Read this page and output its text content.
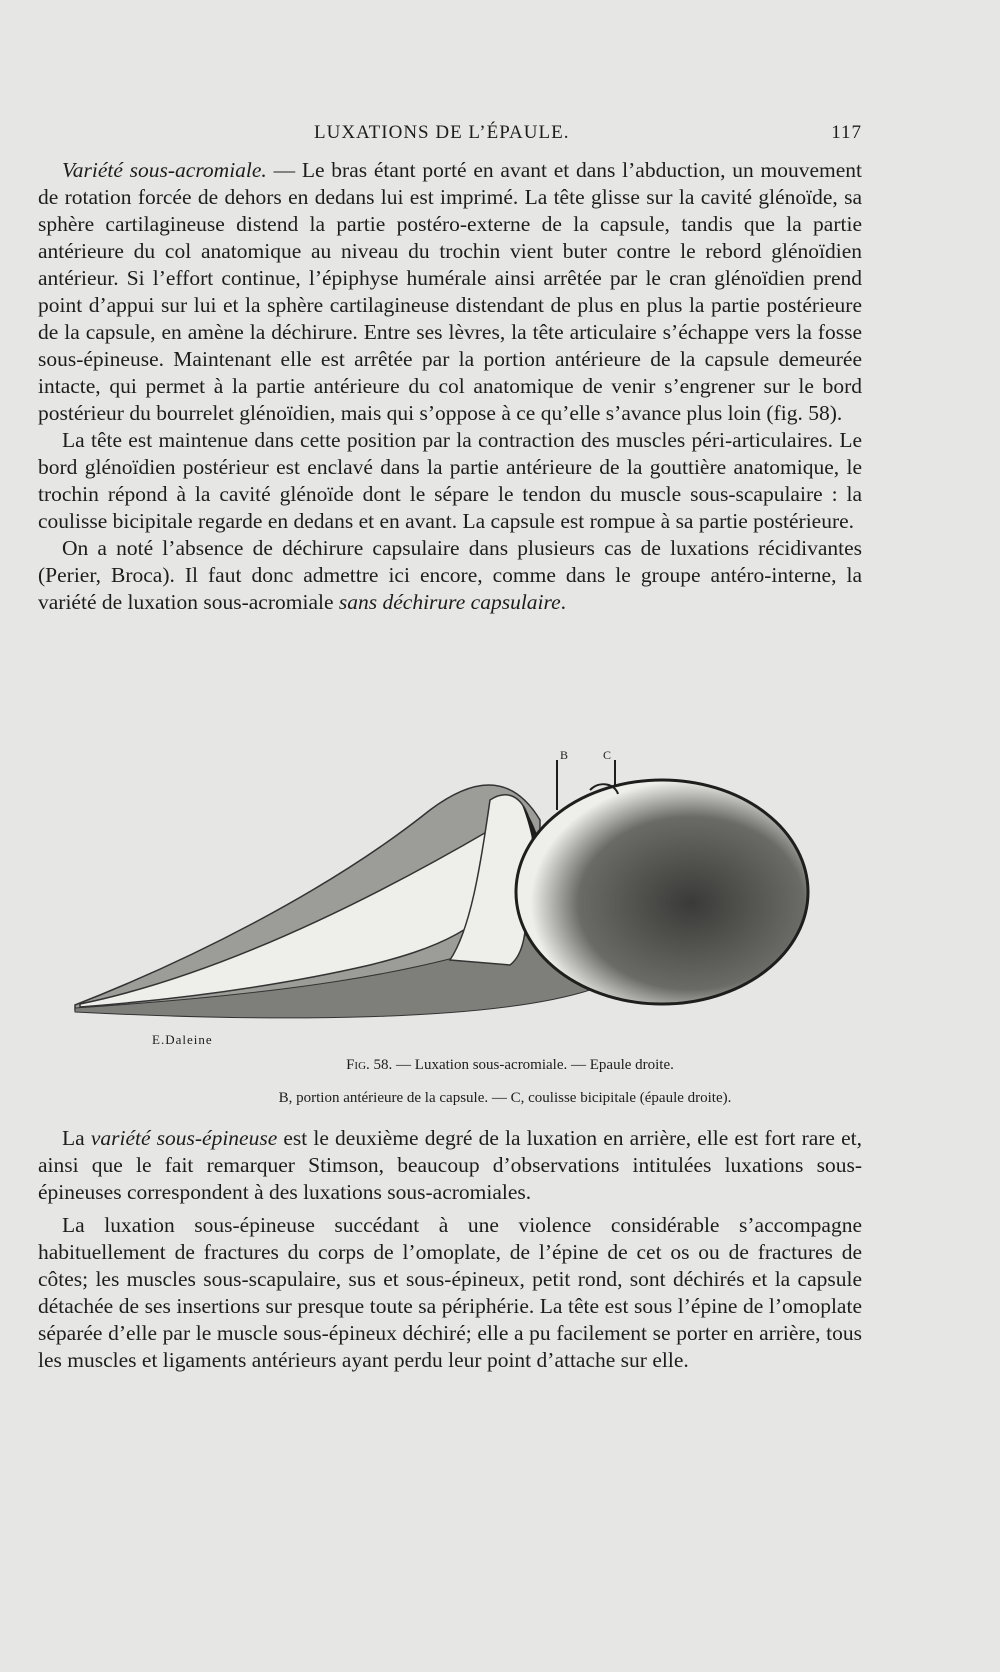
LUXATIONS DE L’ÉPAULE.	117

Variété sous-acromiale. — Le bras étant porté en avant et dans l’abduction, un mouvement de rotation forcée de dehors en dedans lui est imprimé. La tête glisse sur la cavité glénoïde, sa sphère cartilagineuse distend la partie postéro-externe de la capsule, tandis que la partie antérieure du col anatomique au niveau du trochin vient buter contre le rebord glénoïdien antérieur. Si l’effort continue, l’épiphyse humérale ainsi arrêtée par le cran glénoïdien prend point d’appui sur lui et la sphère cartilagineuse distendant de plus en plus la partie postérieure de la capsule, en amène la déchirure. Entre ses lèvres, la tête articulaire s’échappe vers la fosse sous-épineuse. Maintenant elle est arrêtée par la portion antérieure de la capsule demeurée intacte, qui permet à la partie antérieure du col anatomique de venir s’engrener sur le bord postérieur du bourrelet glénoïdien, mais qui s’oppose à ce qu’elle s’avance plus loin (fig. 58).

La tête est maintenue dans cette position par la contraction des muscles péri-articulaires. Le bord glénoïdien postérieur est enclavé dans la partie antérieure de la gouttière anatomique, le trochin répond à la cavité glénoïde dont le sépare le tendon du muscle sous-scapulaire : la coulisse bicipitale regarde en dedans et en avant. La capsule est rompue à sa partie postérieure.

On a noté l’absence de déchirure capsulaire dans plusieurs cas de luxations récidivantes (Perier, Broca). Il faut donc admettre ici encore, comme dans le groupe antéro-interne, la variété de luxation sous-acromiale sans déchirure capsulaire.

B	C
E.Daleine
Fig. 58. — Luxation sous-acromiale. — Epaule droite.
B, portion antérieure de la capsule. — C, coulisse bicipitale (épaule droite).

La variété sous-épineuse est le deuxième degré de la luxation en arrière, elle est fort rare et, ainsi que le fait remarquer Stimson, beaucoup d’observations intitulées luxations sous-épineuses correspondent à des luxations sous-acromiales.

La luxation sous-épineuse succédant à une violence considérable s’accompagne habituellement de fractures du corps de l’omoplate, de l’épine de cet os ou de fractures de côtes; les muscles sous-scapulaire, sus et sous-épineux, petit rond, sont déchirés et la capsule détachée de ses insertions sur presque toute sa périphérie. La tête est sous l’épine de l’omoplate séparée d’elle par le muscle sous-épineux déchiré; elle a pu facilement se porter en arrière, tous les muscles et ligaments antérieurs ayant perdu leur point d’attache sur elle.
